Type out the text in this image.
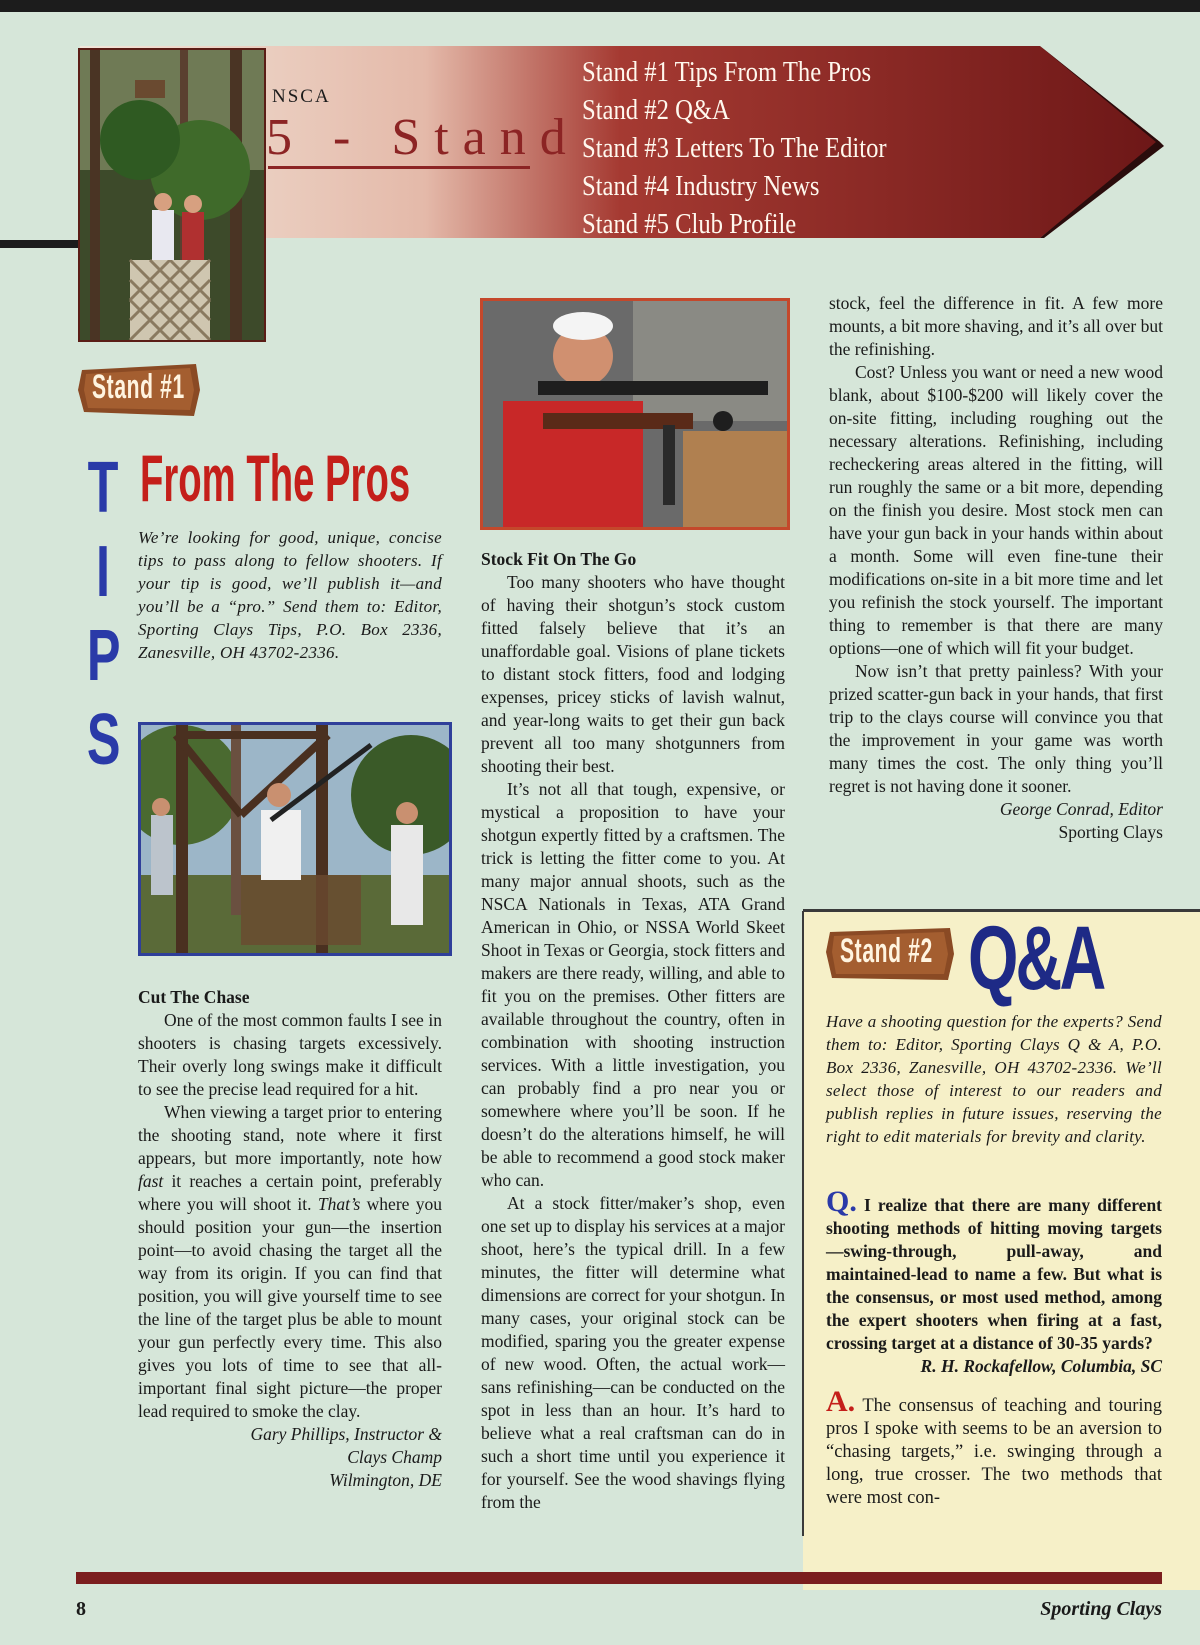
NSCA
5 - Stand
Stand #1 Tips From The Pros
Stand #2 Q&A
Stand #3 Letters To The Editor
Stand #4 Industry News
Stand #5 Club Profile
Stand #1
T
I
P
S
From The Pros
We’re looking for good, unique, concise tips to pass along to fellow shooters. If your tip is good, we’ll publish it—and you’ll be a “pro.” Send them to: Editor, Sporting Clays Tips, P.O. Box 2336, Zanesville, OH 43702-2336.

Cut The Chase

One of the most common faults I see in shooters is chasing targets excessively. Their overly long swings make it difficult to see the precise lead required for a hit.

When viewing a target prior to entering the shooting stand, note where it first appears, but more importantly, note how fast it reaches a certain point, preferably where you will shoot it. That’s where you should position your gun—the insertion point—to avoid chasing the target all the way from its origin. If you can find that position, you will give yourself time to see the line of the target plus be able to mount your gun perfectly every time. This also gives you lots of time to see that all-important final sight picture—the proper lead required to smoke the clay.

Gary Phillips, Instructor &

Clays Champ

Wilmington, DE

Stock Fit On The Go

Too many shooters who have thought of having their shotgun’s stock custom fitted falsely believe that it’s an unaffordable goal. Visions of plane tickets to distant stock fitters, food and lodging expenses, pricey sticks of lavish walnut, and year-long waits to get their gun back prevent all too many shotgunners from shooting their best.

It’s not all that tough, expensive, or mystical a proposition to have your shotgun expertly fitted by a craftsmen. The trick is letting the fitter come to you. At many major annual shoots, such as the NSCA Nationals in Texas, ATA Grand American in Ohio, or NSSA World Skeet Shoot in Texas or Georgia, stock fitters and makers are there ready, willing, and able to fit you on the premises. Other fitters are available throughout the country, often in combination with shooting instruction services. With a little investigation, you can probably find a pro near you or somewhere where you’ll be soon. If he doesn’t do the alterations himself, he will be able to recommend a good stock maker who can.

At a stock fitter/maker’s shop, even one set up to display his services at a major shoot, here’s the typical drill. In a few minutes, the fitter will determine what dimensions are correct for your shotgun. In many cases, your original stock can be modified, sparing you the greater expense of new wood. Often, the actual work—sans refinishing—can be conducted on the spot in less than an hour. It’s hard to believe what a real craftsman can do in such a short time until you experience it for yourself. See the wood shavings flying from the

stock, feel the difference in fit. A few more mounts, a bit more shaving, and it’s all over but the refinishing.

Cost? Unless you want or need a new wood blank, about $100-$200 will likely cover the on-site fitting, including roughing out the necessary alterations. Refinishing, including recheckering areas altered in the fitting, will run roughly the same or a bit more, depending on the finish you desire. Most stock men can have your gun back in your hands within about a month. Some will even fine-tune their modifications on-site in a bit more time and let you refinish the stock yourself. The important thing to remember is that there are many options—one of which will fit your budget.

Now isn’t that pretty painless? With your prized scatter-gun back in your hands, that first trip to the clays course will convince you that the improvement in your game was worth many times the cost. The only thing you’ll regret is not having done it sooner.

George Conrad, Editor

Sporting Clays

Stand #2 Q&A
Have a shooting question for the experts? Send them to: Editor, Sporting Clays Q & A, P.O. Box 2336, Zanesville, OH 43702-2336. We’ll select those of interest to our readers and publish replies in future issues, reserving the right to edit materials for brevity and clarity.

Q. I realize that there are many different shooting methods of hitting moving targets—swing-through, pull-away, and maintained-lead to name a few. But what is the consensus, or most used method, among the expert shooters when firing at a fast, crossing target at a distance of 30-35 yards?

R. H. Rockafellow, Columbia, SC

A. The consensus of teaching and touring pros I spoke with seems to be an aversion to “chasing targets,” i.e. swinging through a long, true crosser. The two methods that were most con-

8	Sporting Clays
